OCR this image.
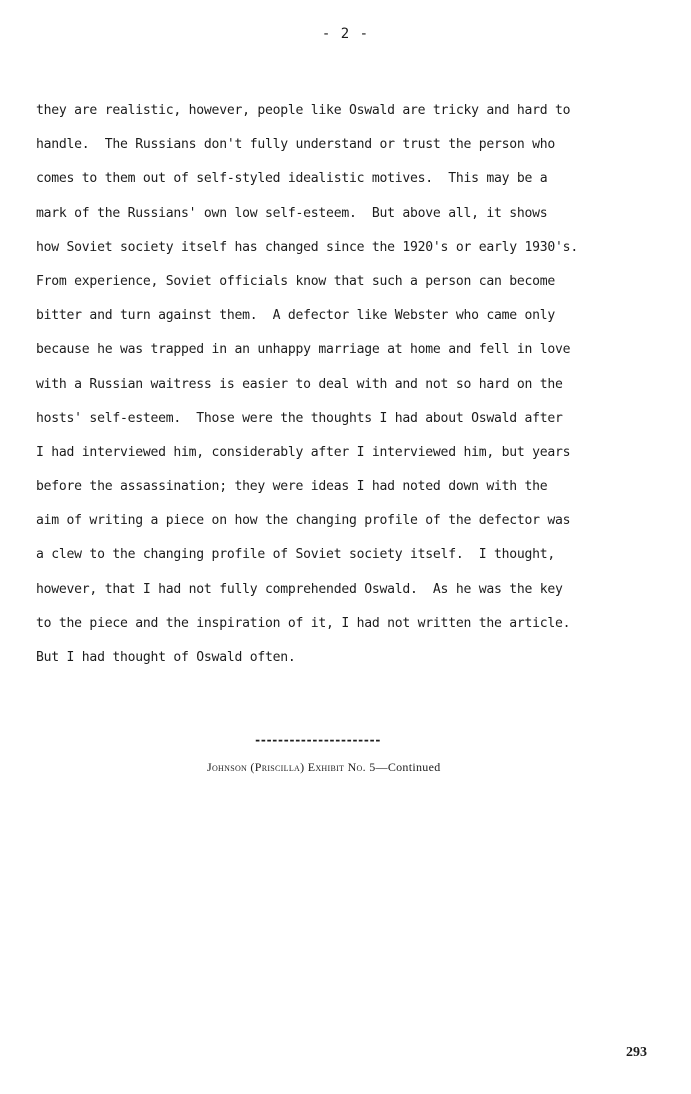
- 2 -
they are realistic, however, people like Oswald are tricky and hard to
handle.  The Russians don't fully understand or trust the person who
comes to them out of self-styled idealistic motives.  This may be a
mark of the Russians' own low self-esteem.  But above all, it shows
how Soviet society itself has changed since the 1920's or early 1930's.
From experience, Soviet officials know that such a person can become
bitter and turn against them.  A defector like Webster who came only
because he was trapped in an unhappy marriage at home and fell in love
with a Russian waitress is easier to deal with and not so hard on the
hosts' self-esteem.  Those were the thoughts I had about Oswald after
I had interviewed him, considerably after I interviewed him, but years
before the assassination; they were ideas I had noted down with the
aim of writing a piece on how the changing profile of the defector was
a clew to the changing profile of Soviet society itself.  I thought,
however, that I had not fully comprehended Oswald.  As he was the key
to the piece and the inspiration of it, I had not written the article.
But I had thought of Oswald often.
----------------------
Johnson (Priscilla) Exhibit No. 5—Continued
293
